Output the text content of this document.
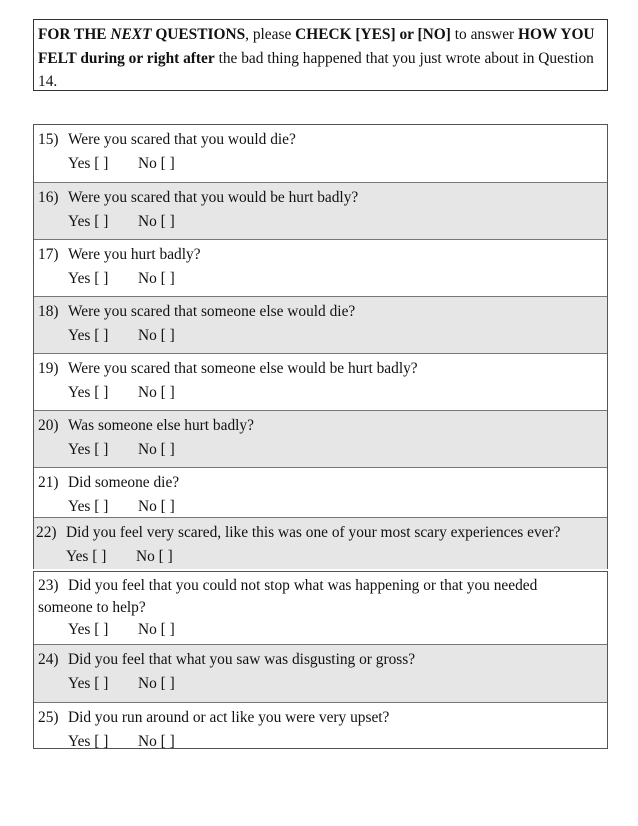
FOR THE NEXT QUESTIONS, please CHECK [YES] or [NO] to answer HOW YOU FELT during or right after the bad thing happened that you just wrote about in Question 14.
15) Were you scared that you would die?
Yes [ ] No [ ]
16) Were you scared that you would be hurt badly?
Yes [ ] No [ ]
17) Were you hurt badly?
Yes [ ] No [ ]
18) Were you scared that someone else would die?
Yes [ ] No [ ]
19) Were you scared that someone else would be hurt badly?
Yes [ ] No [ ]
20) Was someone else hurt badly?
Yes [ ] No [ ]
21) Did someone die?
Yes [ ] No [ ]
22) Did you feel very scared, like this was one of your most scary experiences ever?
Yes [ ] No [ ]
23) Did you feel that you could not stop what was happening or that you needed someone to help?
Yes [ ] No [ ]
24) Did you feel that what you saw was disgusting or gross?
Yes [ ] No [ ]
25) Did you run around or act like you were very upset?
Yes [ ] No [ ]
